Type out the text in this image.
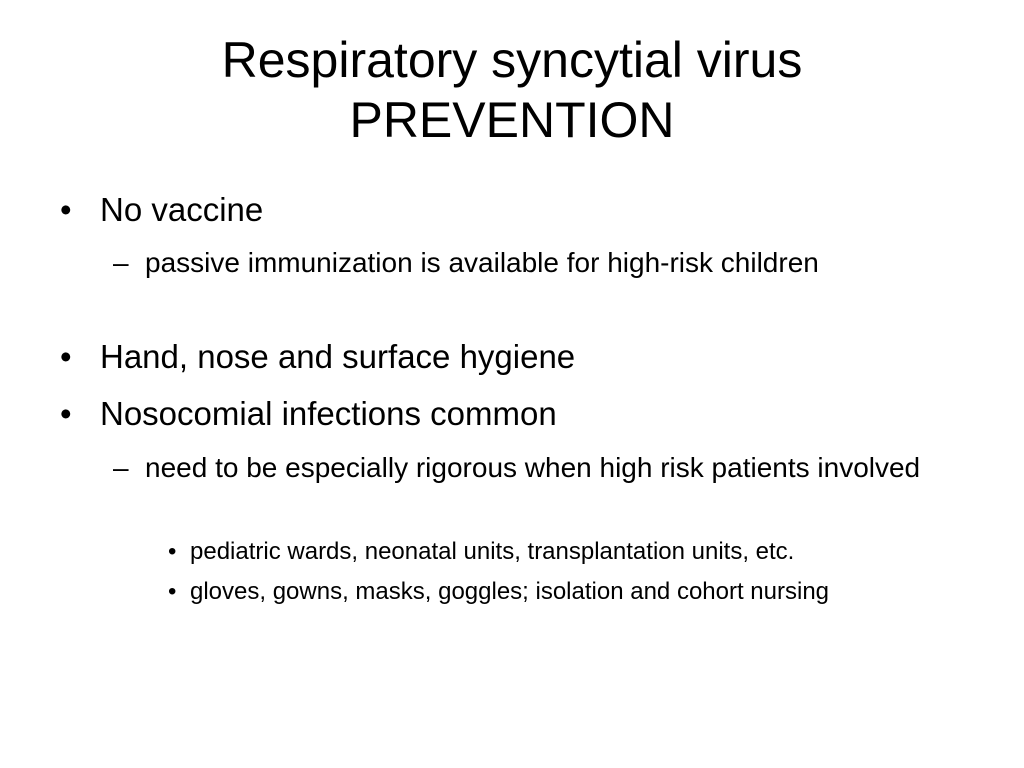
Respiratory syncytial virus
PREVENTION

• No vaccine

– passive immunization is available for high-risk children

• Hand, nose and surface hygiene

• Nosocomial infections common

– need to be especially rigorous when high risk patients involved

• pediatric wards, neonatal units, transplantation units, etc.

• gloves, gowns, masks, goggles; isolation and cohort nursing
